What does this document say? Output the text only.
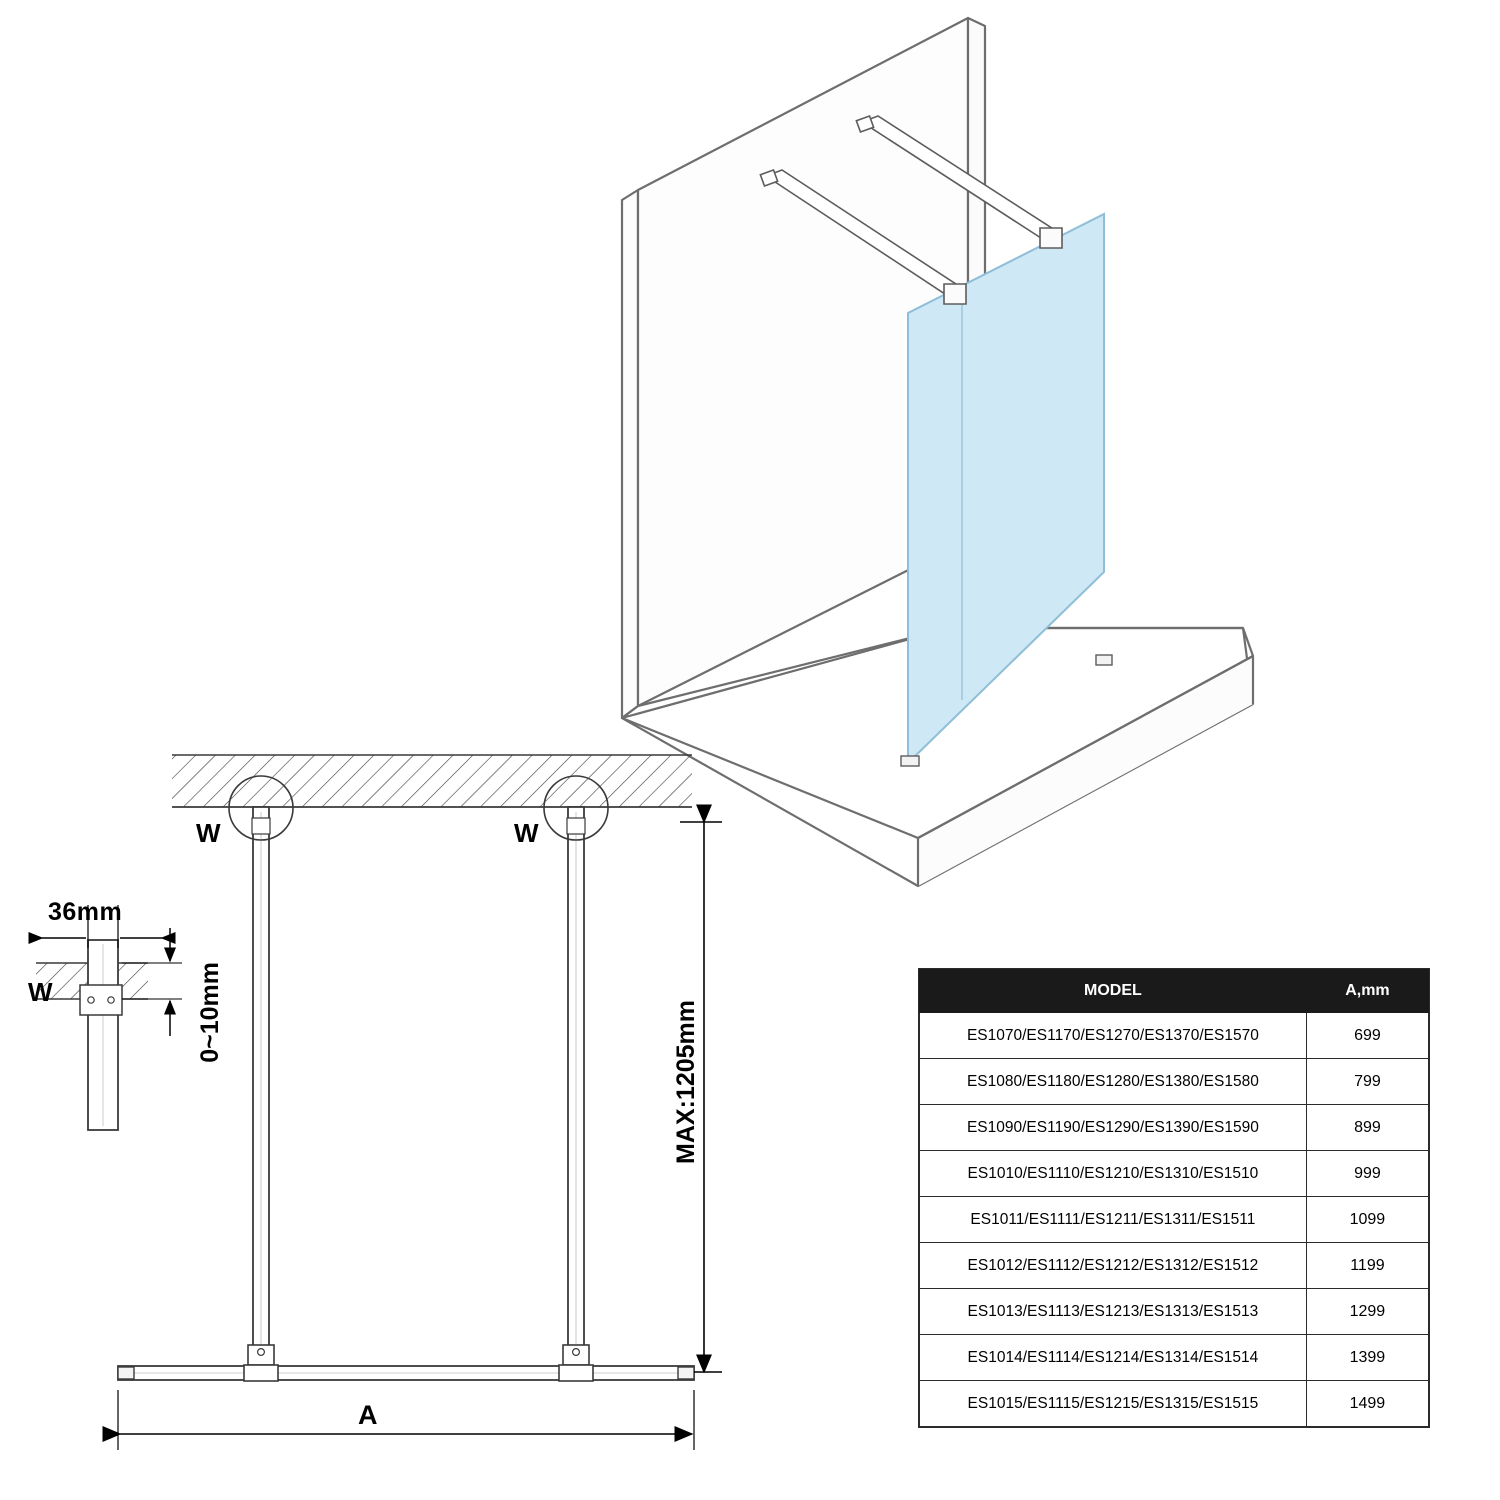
36mm
0~10mm
W	W
W
MAX:1205mm
A
MODEL	A,mm
ES1070/ES1170/ES1270/ES1370/ES1570	699
ES1080/ES1180/ES1280/ES1380/ES1580	799
ES1090/ES1190/ES1290/ES1390/ES1590	899
ES1010/ES1110/ES1210/ES1310/ES1510	999
ES1011/ES1111/ES1211/ES1311/ES1511	1099
ES1012/ES1112/ES1212/ES1312/ES1512	1199
ES1013/ES1113/ES1213/ES1313/ES1513	1299
ES1014/ES1114/ES1214/ES1314/ES1514	1399
ES1015/ES1115/ES1215/ES1315/ES1515	1499
